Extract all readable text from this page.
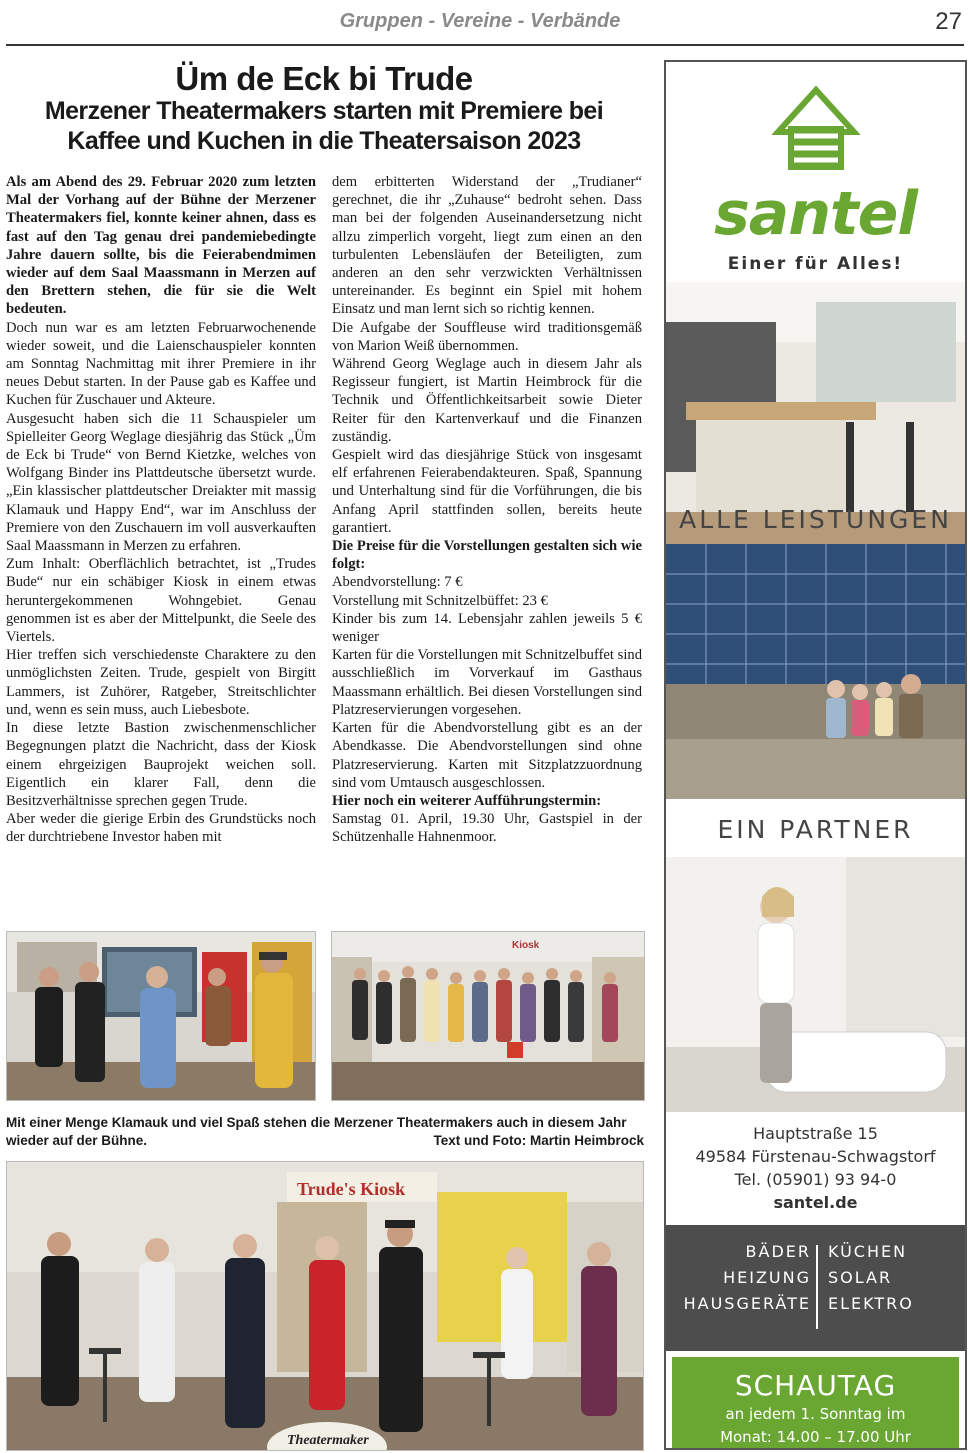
Gruppen - Vereine - Verbände	27
Üm de Eck bi Trude
Merzener Theatermakers starten mit Premiere bei Kaffee und Kuchen in die Theatersaison 2023

Als am Abend des 29. Februar 2020 zum letzten Mal der Vorhang auf der Bühne der Merzener Theatermakers fiel, konnte keiner ahnen, dass es fast auf den Tag genau drei pandemiebedingte Jahre dauern sollte, bis die Feierabendmimen wieder auf dem Saal Maassmann in Merzen auf den Brettern stehen, die für sie die Welt bedeuten.

Doch nun war es am letzten Februarwochenende wieder soweit, und die Laienschauspieler konnten am Sonntag Nachmittag mit ihrer Premiere in ihr neues Debut starten. In der Pause gab es Kaffee und Kuchen für Zuschauer und Akteure.

Ausgesucht haben sich die 11 Schauspieler um Spielleiter Georg Weglage diesjährig das Stück „Üm de Eck bi Trude“ von Bernd Kietzke, welches von Wolfgang Binder ins Plattdeutsche übersetzt wurde. „Ein klassischer plattdeutscher Dreiakter mit massig Klamauk und Happy End“, war im Anschluss der Premiere von den Zuschauern im voll ausverkauften Saal Maassmann in Merzen zu erfahren.

Zum Inhalt: Oberflächlich betrachtet, ist „Trudes Bude“ nur ein schäbiger Kiosk in einem etwas heruntergekommenen Wohngebiet. Genau genommen ist es aber der Mittelpunkt, die Seele des Viertels.

Hier treffen sich verschiedenste Charaktere zu den unmöglichsten Zeiten. Trude, gespielt von Birgitt Lammers, ist Zuhörer, Ratgeber, Streitschlichter und, wenn es sein muss, auch Liebesbote.

In diese letzte Bastion zwischenmenschlicher Begegnungen platzt die Nachricht, dass der Kiosk einem ehrgeizigen Bauprojekt weichen soll. Eigentlich ein klarer Fall, denn die Besitzverhältnisse sprechen gegen Trude.

Aber weder die gierige Erbin des Grundstücks noch der durchtriebene Investor haben mit

dem erbitterten Widerstand der „Trudianer“ gerechnet, die ihr „Zuhause“ bedroht sehen. Dass man bei der folgenden Auseinandersetzung nicht allzu zimperlich vorgeht, liegt zum einen an den turbulenten Lebensläufen der Beteiligten, zum anderen an den sehr verzwickten Verhältnissen untereinander. Es beginnt ein Spiel mit hohem Einsatz und man lernt sich so richtig kennen.

Die Aufgabe der Souffleuse wird traditionsgemäß von Marion Weiß übernommen.

Während Georg Weglage auch in diesem Jahr als Regisseur fungiert, ist Martin Heimbrock für die Technik und Öffentlichkeitsarbeit sowie Dieter Reiter für den Kartenverkauf und die Finanzen zuständig.

Gespielt wird das diesjährige Stück von insgesamt elf erfahrenen Feierabendakteuren. Spaß, Spannung und Unterhaltung sind für die Vorführungen, die bis Anfang April stattfinden sollen, bereits heute garantiert.

Die Preise für die Vorstellungen gestalten sich wie folgt:

Abendvorstellung: 7 €

Vorstellung mit Schnitzelbüffet: 23 €

Kinder bis zum 14. Lebensjahr zahlen jeweils 5 € weniger

Karten für die Vorstellungen mit Schnitzelbuffet sind ausschließlich im Vorverkauf im Gasthaus Maassmann erhältlich. Bei diesen Vorstellungen sind Platzreservierungen vorgesehen.

Karten für die Abendvorstellung gibt es an der Abendkasse. Die Abendvorstellungen sind ohne Platzreservierung. Karten mit Sitzplatzzuordnung sind vom Umtausch ausgeschlossen.

Hier noch ein weiterer Aufführungstermin:

Samstag 01. April, 19.30 Uhr, Gastspiel in der Schützenhalle Hahnenmoor.

Kiosk
Mit einer Menge Klamauk und viel Spaß stehen die Merzener Theatermakers auch in diesem Jahr wieder auf der Bühne.	Text und Foto: Martin Heimbrock
Trude's Kiosk
Theatermaker
santel
Einer für Alles!
ALLE LEISTUNGEN
EIN PARTNER
Hauptstraße 15
49584 Fürstenau-Schwagstorf
Tel. (05901) 93 94-0
santel.de
BÄDER
HEIZUNG
HAUSGERÄTE
KÜCHEN
SOLAR
ELEKTRO
SCHAUTAG
an jedem 1. Sonntag im
Monat: 14.00 – 17.00 Uhr
